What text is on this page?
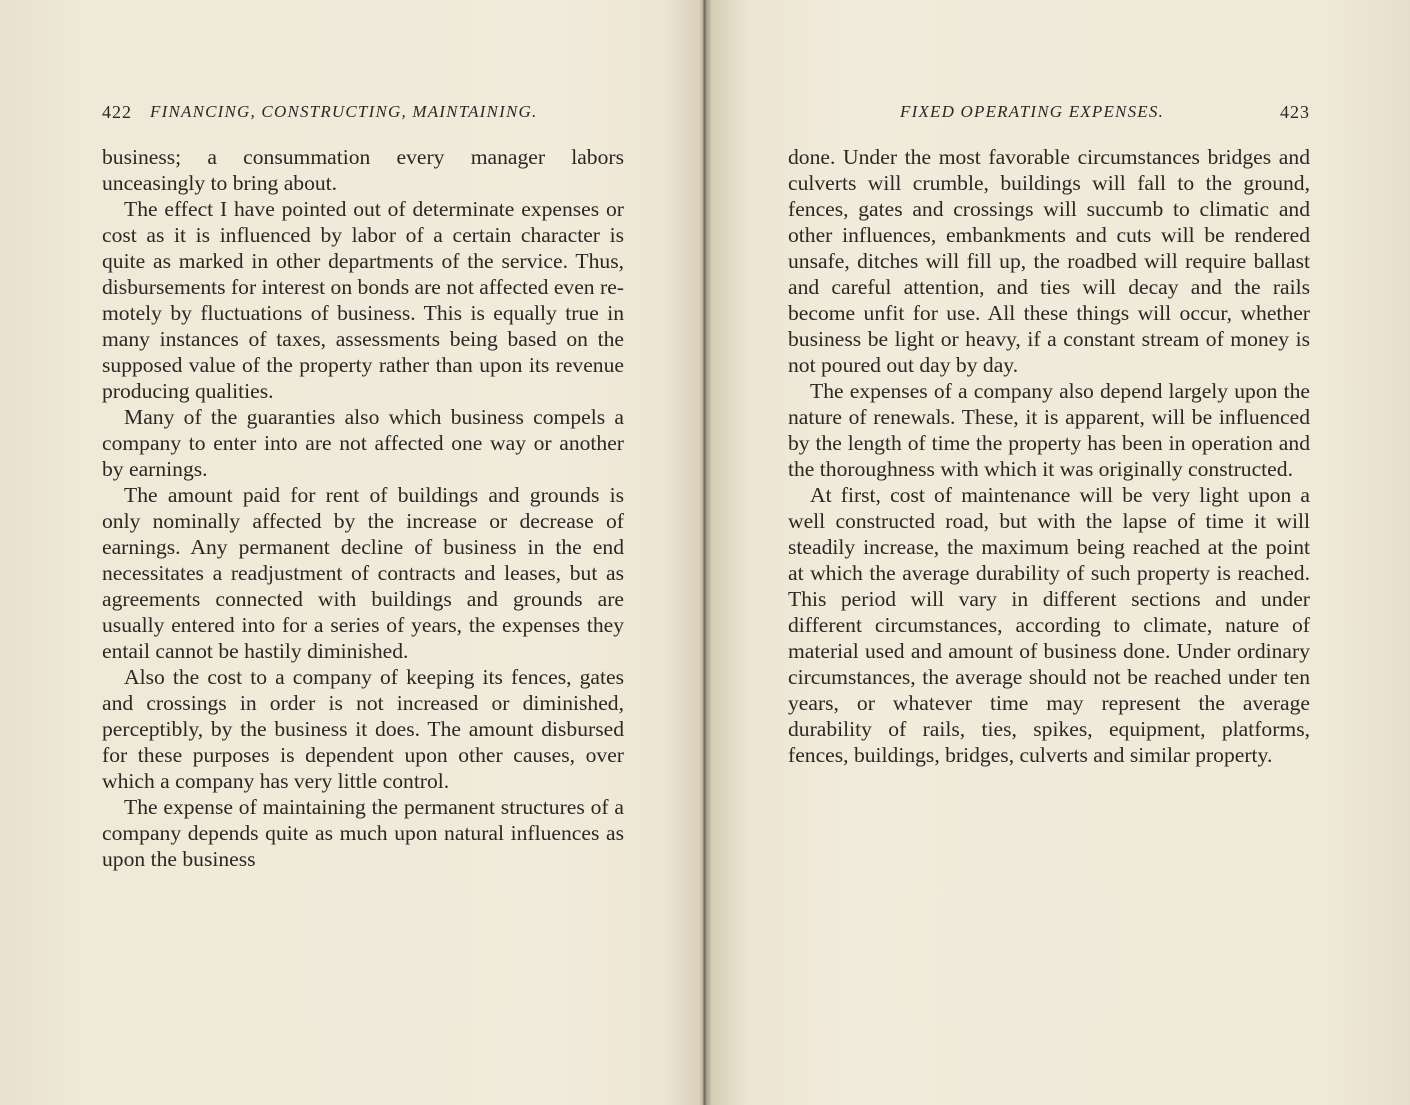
422 FINANCING, CONSTRUCTING, MAINTAINING.

business; a consummation every manager labors unceasingly to bring about.

The effect I have pointed out of determinate expenses or cost as it is influenced by labor of a certain character is quite as marked in other departments of the service. Thus, disbursements for interest on bonds are not affected even remotely by fluctuations of business. This is equally true in many instances of taxes, assessments being based on the supposed value of the property rather than upon its revenue producing qualities.

Many of the guaranties also which business compels a company to enter into are not affected one way or another by earnings.

The amount paid for rent of buildings and grounds is only nominally affected by the increase or decrease of earnings. Any permanent decline of business in the end necessitates a readjustment of contracts and leases, but as agreements connected with buildings and grounds are usually entered into for a series of years, the expenses they entail cannot be hastily diminished.

Also the cost to a company of keeping its fences, gates and crossings in order is not increased or diminished, perceptibly, by the business it does. The amount disbursed for these purposes is dependent upon other causes, over which a company has very little control.

The expense of maintaining the permanent structures of a company depends quite as much upon natural influences as upon the business

FIXED OPERATING EXPENSES.	423

done. Under the most favorable circumstances bridges and culverts will crumble, buildings will fall to the ground, fences, gates and crossings will succumb to climatic and other influences, embankments and cuts will be rendered unsafe, ditches will fill up, the roadbed will require ballast and careful attention, and ties will decay and the rails become unfit for use. All these things will occur, whether business be light or heavy, if a constant stream of money is not poured out day by day.

The expenses of a company also depend largely upon the nature of renewals. These, it is apparent, will be influenced by the length of time the property has been in operation and the thoroughness with which it was originally constructed.

At first, cost of maintenance will be very light upon a well constructed road, but with the lapse of time it will steadily increase, the maximum being reached at the point at which the average durability of such property is reached. This period will vary in different sections and under different circumstances, according to climate, nature of material used and amount of business done. Under ordinary circumstances, the average should not be reached under ten years, or whatever time may represent the average durability of rails, ties, spikes, equipment, platforms, fences, buildings, bridges, culverts and similar property.
